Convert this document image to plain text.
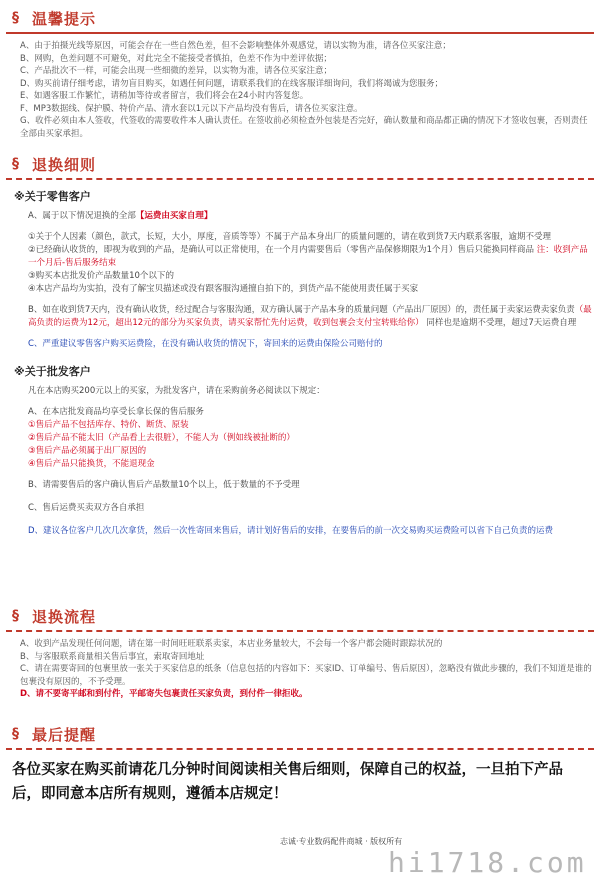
§ 温馨提示
A、由于拍摄光线等原因，可能会存在一些自然色差，但不会影响整体外观感觉，请以实物为准，请各位买家注意；
B、网购，色差问题不可避免，对此完全不能接受者慎拍，色差不作为中差评依据；
C、产品批次不一样，可能会出现一些细微的差异，以实物为准，请各位买家注意；
D、购买前请仔细考虑，请勿盲目购买，如遇任何问题，请联系我们的在线客服详细询问，我们将竭诚为您服务；
E、如遇客服工作繁忙，请稍加等待或者留言，我们将会在24小时内答复您。
F、MP3数据线、保护膜、特价产品、清水套以1元以下产品均没有售后，请各位买家注意。
G、收件必须由本人签收，代签收的需要收件本人确认责任。在签收前必须检查外包装是否完好，确认数量和商品都正确的情况下才签收包裹，否则责任全部由买家承担。
§ 退换细则
※关于零售客户
A、属于以下情况退换的全部【运费由买家自理】
①关于个人因素（颜色，款式，长短，大小，厚度，音质等等）不属于产品本身出厂的质量问题的，请在收到货7天内联系客服，逾期不受理
②已经确认收货的，即视为收到的产品，是确认可以正常使用，在一个月内需要售后（零售产品保修期限为1个月）售后只能换同样商品 注：收到产品一个月后-售后服务结束
③购买本店批发价产品数量10个以下的
④本店产品均为实拍，没有了解宝贝描述或没有跟客服沟通擅自拍下的，到货产品不能使用责任属于买家
B、如在收到货7天内，没有确认收货，经过配合与客服沟通，双方确认属于产品本身的质量问题（产品出厂原因）的，责任属于卖家运费卖家负责（最高负责的运费为12元，超出12元的部分为买家负责，请买家帮忙先付运费，收到包裹会支付宝转账给你） 同样也是逾期不受理，超过7天运费自理
C、严重建议零售客户购买运费险，在没有确认收货的情况下，寄回来的运费由保险公司赔付的
※关于批发客户
凡在本店购买200元以上的买家，为批发客户，请在采购前务必阅读以下规定：
A、在本店批发商品均享受长拿长保的售后服务
①售后产品不包括库存、特价、断货、原装
②售后产品不能太旧（产品看上去很脏），不能人为（例如线被扯断的）
③售后产品必须属于出厂原因的
④售后产品只能换货，不能退现金
B、请需要售后的客户确认售后产品数量10个以上，低于数量的不予受理
C、售后运费买卖双方各自承担
D、建议各位客户几次几次拿货，然后一次性寄回来售后，请计划好售后的安排，在要售后的前一次交易购买运费险可以省下自己负责的运费
§ 退换流程
A、收到产品发现任何问题，请在第一时间旺旺联系卖家，本店业务量较大，不会每一个客户都会随时跟踪状况的
B、与客服联系商量相关售后事宜，索取寄回地址
C、请在需要寄回的包裹里放一张关于买家信息的纸条（信息包括的内容如下：买家ID、订单编号、售后原因），忽略没有做此步骤的，我们不知道是谁的包裹没有原因的，不予受理。
D、请不要寄平邮和到付件，平邮寄失包裹责任买家负责，到付件一律拒收。
§ 最后提醒
各位买家在购买前请花几分钟时间阅读相关售后细则，保障自己的权益，一旦拍下产品后，即同意本店所有规则，遵循本店规定！
志诚·专业数码配件商城 · 版权所有
hi1718.com
